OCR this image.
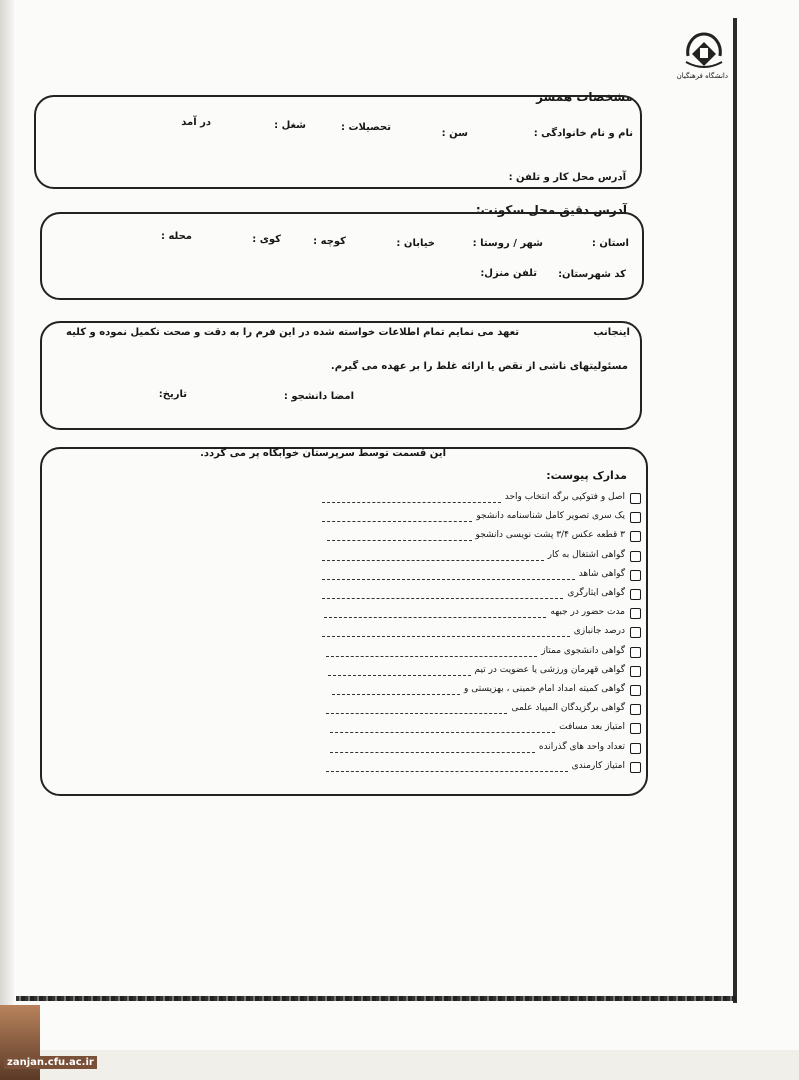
zanjan.cfu.ac.ir
دانشگاه فرهنگیان
مشخصات همسر
نام و نام خانوادگی :
سن :
تحصیلات :
شغل :
در آمد
آدرس محل کار و تلفن :
آدرس دقیق محل سکونت:
استان :
شهر / روستا :
خیابان :
کوچه :
کوی :
محله :
کد شهرستان:
تلفن منزل:
اینجانب
تعهد می نمایم تمام اطلاعات خواسته شده در این فرم را به دقت و صحت تکمیل نموده و کلیه
مسئولیتهای ناشی از نقص یا ارائه غلط را بر عهده می گیرم.
امضا دانشجو :
تاریخ:
این قسمت توسط سرپرستان خوابگاه پر می گردد.
مدارک پیوست:
اصل و فتوکپی برگه انتخاب واحد
یک سری تصویر کامل شناسنامه دانشجو
۳ قطعه عکس ۳/۴ پشت نویسی دانشجو
گواهی اشتغال به کار
گواهی شاهد
گواهی ایثارگری
مدت حضور در جبهه
درصد جانبازی
گواهی دانشجوی ممتاز
گواهی قهرمان ورزشی یا عضویت در تیم
گواهی کمیته امداد امام خمینی ، بهزیستی و
گواهی برگزیدگان المپیاد علمی
امتیاز بعد مسافت
تعداد واحد های گذرانده
امتیاز کارمندی
